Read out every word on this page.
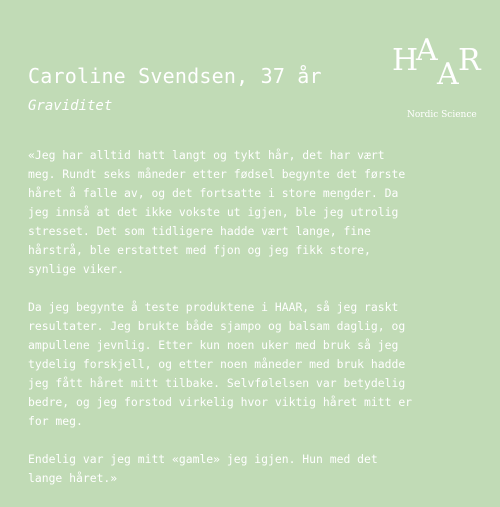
Caroline Svendsen, 37 år
Graviditet
H
A
A R
Nordic Science

«Jeg har alltid hatt langt og tykt hår, det har vært
meg. Rundt seks måneder etter fødsel begynte det første
håret å falle av, og det fortsatte i store mengder. Da
jeg innså at det ikke vokste ut igjen, ble jeg utrolig
stresset. Det som tidligere hadde vært lange, fine
hårstrå, ble erstattet med fjon og jeg fikk store,
synlige viker.

Da jeg begynte å teste produktene i HAAR, så jeg raskt
resultater. Jeg brukte både sjampo og balsam daglig, og
ampullene jevnlig. Etter kun noen uker med bruk så jeg
tydelig forskjell, og etter noen måneder med bruk hadde
jeg fått håret mitt tilbake. Selvfølelsen var betydelig
bedre, og jeg forstod virkelig hvor viktig håret mitt er
for meg.

Endelig var jeg mitt «gamle» jeg igjen. Hun med det
lange håret.»
